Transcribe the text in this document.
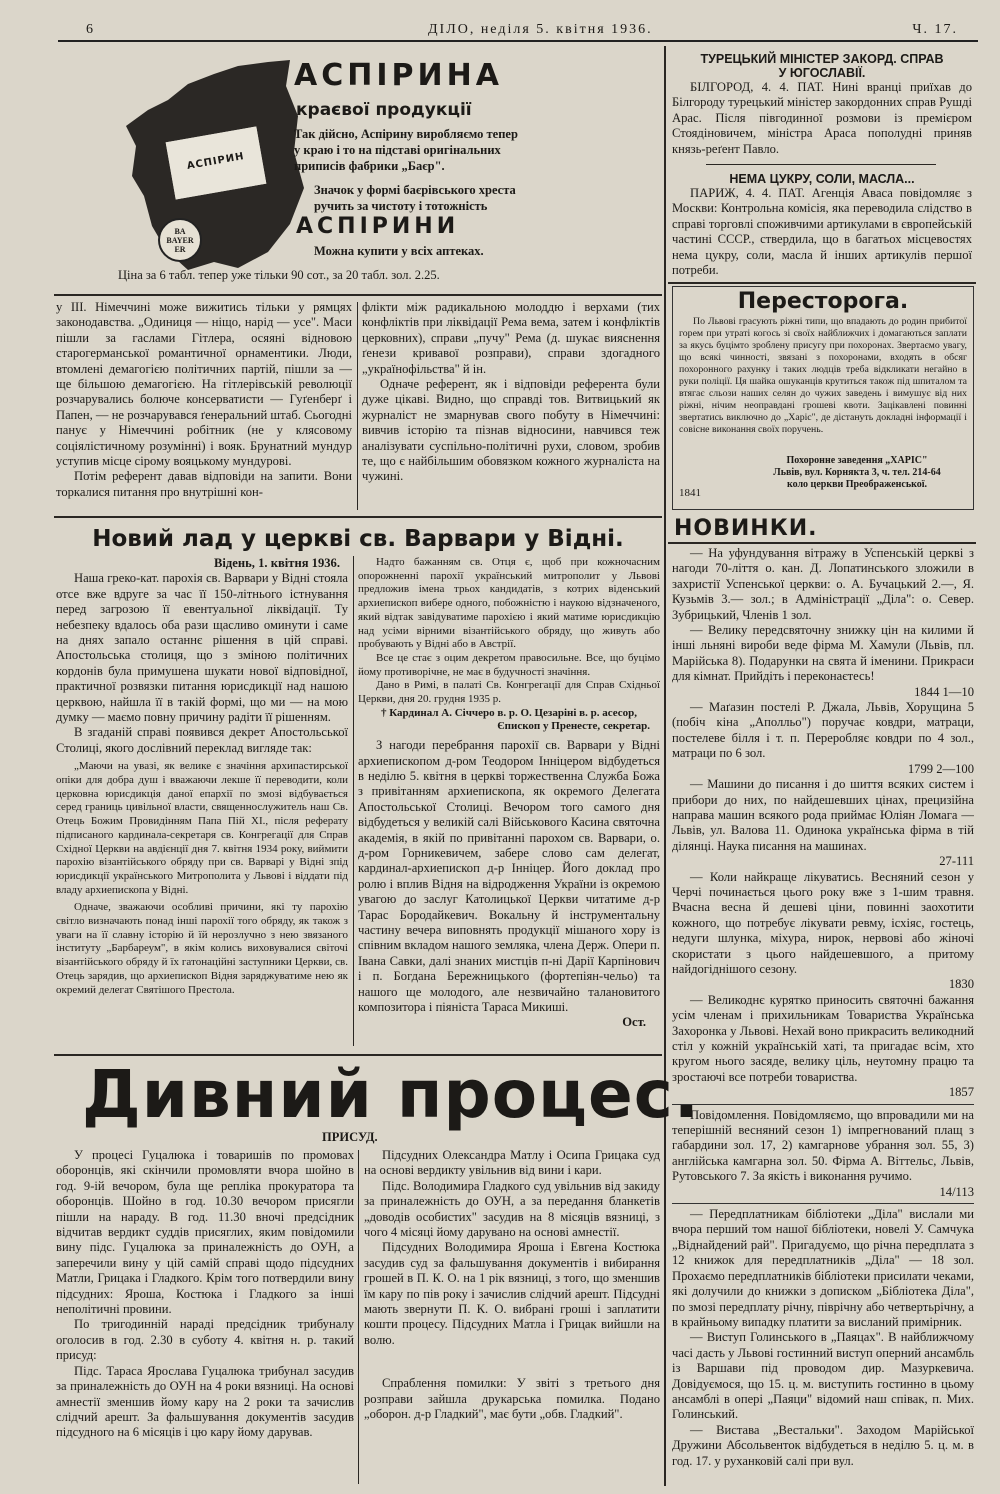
6	ДІЛО, неділя 5. квітня 1936.	Ч. 17.
АСПІРИН
BA
BAYER
ER
АСПІРИНА
краєвої продукції
Так дійсно, Аспірину виробляємо тепер
у краю і то на підставі оригінальних
приписів фабрики „Баєр".
Значок у формі баєрівського хреста
ручить за чистоту і тотожність
АСПІРИНИ
Можна купити у всіх аптеках.
Ціна за 6 табл. тепер уже тільки 90 сот., за 20 табл. зол. 2.25.
у ІІІ. Німеччині може вижитись тільки у рямцях законодавства. „Одиниця — ніщо, нарід — усе". Маси пішли за гаслами Гітлера, осяяні відновою старогерманської романтичної орнаментики. Люди, втомлені демагогією політичних партій, пішли за — ще більшою демагогією. На гітлерівській революції розчарувались болюче консерватисти — Гуґенберґ і Папен, — не розчарувався ґенеральний штаб. Сьогодні панує у Німеччині робітник (не у клясовому соціялістичному розумінні) і вояк. Брунатний мундур уступив місце сірому вояцькому мундурові.

Потім референт давав відповіди на запити. Вони торкалися питання про внутрішні кон-

флікти між радикальною молоддю і верхами (тих конфліктів при ліквідації Рема вема, затем і конфліктів церковних), справи „пучу" Рема (д. шукає вияснення ґенези кривавої розправи), справи здогадного „українофільства" й ін.

Одначе референт, як і відповіди референта були дуже цікаві. Видно, що справді тов. Витвицький як журналіст не змарнував свого побуту в Німеччині: вивчив історію та пізнав відносини, навчився теж аналізувати суспільно-політичні рухи, словом, зробив те, що є найбільшим обовязком кожного журналіста на чужині.

Новий лад у церкві св. Варвари у Відні.
Відень, 1. квітня 1936.

Наша греко-кат. парохія св. Варвари у Відні стояла отсе вже вдруге за час її 150-літнього істнування перед загрозою її евентуальної ліквідації. Ту небезпеку вдалось оба рази щасливо оминути і саме на днях запало останнє рішення в цій справі. Апостольська столиця, що з зміною політичних кордонів була примушена шукати нової відповідної, практичної розвязки питання юрисдикції над нашою церквою, найшла її в такій формі, що ми — на мою думку — маємо повну причину радіти її рішенням.

В згаданій справі появився декрет Апостольської Столиці, якого дослівний переклад вигляде так:

„Маючи на увазі, як велике є значіння архипастирської опіки для добра душ і вважаючи лекше її переводити, коли церковна юрисдикція даної епархії по змозі відбувається серед границь цивільної власти, священнослужитель наш Св. Отець Божим Провидінням Папа Пій ХІ., після реферату підписаного кардинала-секретаря св. Конгрегації для Справ Східної Церкви на авдієнції дня 7. квітня 1934 року, виймити парохію візантійського обряду при св. Варварі у Відні зпід юрисдикції українського Митрополита у Львові і віддати під владу архиепископа у Відні.

Одначе, зважаючи особливі причини, які ту парохію світло визначають понад інші парохії того обряду, як також з уваги на її славну історію й їй нерозлучно з нею звязаного інституту „Барбареум", в якім колись виховувалися світочі візантійського обряду й їх гатонаційні заступники Церкви, св. Отець зарядив, що архиепископ Відня заряджуватиме нею як окремий делегат Святішого Престола.

Надто бажанням св. Отця є, щоб при кожночасним опорожненні парохії український митрополит у Львові предложив імена трьох кандидатів, з котрих віденський архиепископ вибере одного, побожністю і наукою відзначеного, який відтак завідуватиме парохією і який матиме юрисдикцію над усіми вірними візантійського обряду, що живуть або пробувають у Відні або в Австрії.

Все це стає з оцим декретом правосильне. Все, що буцімо йому противорічне, не має в будучності значіння.

Дано в Римі, в палаті Св. Конгрегації для Справ Східньої Церкви, дня 20. грудня 1935 р.

† Кардинал А. Січчеро в. р. О. Цезаріні в. р. асесор,
Єпископ у Пренесте, секретар.

З нагоди перебрання парохії св. Варвари у Відні архиепископом д-ром Теодором Інніцером відбудеться в неділю 5. квітня в церкві торжественна Служба Божа з привітанням архиепископа, як окремого Делегата Апостольської Столиці. Вечором того самого дня відбудеться у великій салі Військового Касина святочна академія, в якій по привітанні парохом св. Варвари, о. д-ром Горникевичем, забере слово сам делегат, кардинал-архиепископ д-р Інніцер. Його доклад про ролю і вплив Відня на відродження України із окремою увагою до заслуг Католицької Церкви читатиме д-р Тарас Бородайкевич. Вокальну й інструментальну частину вечера виповнять продукції мішаного хору із співним вкладом нашого земляка, члена Держ. Опери п. Івана Савки, далі знаних мистців п-ні Дарії Карпінович і п. Богдана Бережницького (фортепіян-чельо) та нашого ще молодого, але незвичайно талановитого композитора і піяніста Тараса Микиші.

Ост.
Дивний процес.
ПРИСУД.

У процесі Гуцалюка і товаришів по промовах оборонців, які скінчили промовляти вчора шойно в год. 9-ій вечором, була ще репліка прокуратора та оборонців. Шойно в год. 10.30 вечором присягли пішли на нараду. В год. 11.30 вночі предсідник відчитав вердикт суддів присяглих, яким повідомили вину підс. Гуцалюка за приналежність до ОУН, а заперечили вину у цій самій справі щодо підсудних Матли, Грицака і Гладкого. Крім того потвердили вину підсудних: Яроша, Костюка і Гладкого за інші неполітичні провини.

По тригодинній нараді предсідник трибуналу оголосив в год. 2.30 в суботу 4. квітня н. р. такий присуд:

Підс. Тараса Ярослава Гуцалюка трибунал засудив за приналежність до ОУН на 4 роки вязниці. На основі амнестії зменшив йому кару на 2 роки та зачислив слідчий арешт. За фальшування документів засудив підсудного на 6 місяців і цю кару йому дарував.

Підсудних Олександра Матлу і Осипа Грицака суд на основі вердикту увільнив від вини і кари.

Підс. Володимира Гладкого суд увільнив від закиду за приналежність до ОУН, а за передання бланкетів „доводів особистих" засудив на 8 місяців вязниці, з чого 4 місяці йому дарувано на основі амнестії.

Підсудних Володимира Яроша і Евгена Костюка засудив суд за фальшування документів і вибирання грошей в П. К. О. на 1 рік вязниці, з того, що зменшив їм кару по пів року і зачислив слідчий арешт. Підсудні мають звернути П. К. О. вибрані гроші і заплатити кошти процесу. Підсудних Матла і Грицак вийшли на волю.

Спраблення помилки: У звіті з третього дня розправи зайшла друкарська помилка. Подано „оборон. д-р Гладкий", має бути „обв. Гладкий".

ТУРЕЦЬКИЙ МІНІСТЕР ЗАКОРД. СПРАВ
У ЮГОСЛАВІЇ.

БІЛГОРОД, 4. 4. ПАТ. Нині вранці приїхав до Білгороду турецький міністер закордонних справ Рушді Арас. Після півгодинної розмови із премієром Стоядіновичем, міністра Араса пополудні приняв князь-реґент Павло.

НЕМА ЦУКРУ, СОЛИ, МАСЛА...

ПАРИЖ, 4. 4. ПАТ. Агенція Аваса повідомляє з Москви: Контрольна комісія, яка переводила слідство в справі торговлі споживчими артикулами в європейській частині СССР., ствердила, що в багатьох місцевостях нема цукру, соли, масла й інших артикулів першої потреби.

Пересторога.

По Львові грасують ріжні типи, що впадають до родин прибитої горем при утраті когось зі своїх найближчих і домагаються заплати за якусь буцімто зроблену присугу при похоронах. Звертаємо увагу, що всякі чинності, звязані з похоронами, входять в обсяг похоронного рахунку і таких людців треба відкликати негайно в руки поліції. Ця шайка ошуканців крутиться також під шпиталом та втягає сльози наших селян до чужих заведень і вимушує від них ріжні, нічим неоправдані грошеві квоти. Зацікавлені повинні звертатись виключно до „Харіс", де дістануть докладні інформації і совісне виконання своїх поручень.

1841
Похоронне заведення „ХАРІС"
Львів, вул. Корнякта 3, ч. тел. 214-64
коло церкви Преображенської.
НОВИНКИ.

— На уфундування вітражу в Успенській церкві з нагоди 70-ліття о. кан. Д. Лопатинського зложили в захристії Успенської церкви: о. А. Бучацький 2.—, Я. Кузьмів 3.— зол.; в Адміністрації „Діла": о. Север. Зубрицький, Членів 1 зол.

— Велику передсвяточну знижку цін на килими й інші льняні вироби веде фірма М. Хамули (Львів, пл. Марійська 8). Подарунки на свята й іменини. Прикраси для кімнат. Прийдіть і переконаєтесь!

1844 1—10

— Маґазин постелі Р. Джала, Львів, Хорущина 5 (побіч кіна „Аполльо") поручає ковдри, матраци, постелеве білля і т. п. Переробляє ковдри по 4 зол., матраци по 6 зол.

1799 2—100

— Машини до писання і до шиття всяких систем і прибори до них, по найдешевших цінах, прецизійна направа машин всякого рода приймає Юліян Ломага — Львів, ул. Валова 11. Одинока українська фірма в тій ділянці. Наука писання на машинах.

27-111

— Коли найкраще лікуватись. Весняний сезон у Черчі починається цього року вже з 1-шим травня. Вчасна весна й дешеві ціни, повинні заохотити кожного, що потребує лікувати ревму, ісхіяс, гостець, недуги шлунка, міхура, нирок, нервові або жіночі скористати з цього найдешевшого, а притому найдогіднішого сезону.

1830

— Великоднє курятко приносить святочні бажання усім членам і прихильникам Товариства Українська Захоронка у Львові. Нехай воно прикрасить великодний стіл у кожній українській хаті, та пригадає всім, хто кругом нього засяде, велику ціль, неутомну працю та зростаючі все потреби товариства.

1857

Повідомлення. Повідомляємо, що впровадили ми на теперішній весняний сезон 1) імпрегнований плащ з габардини зол. 17, 2) камгарнове убрання зол. 55, 3) англійська камгарна зол. 50. Фірма А. Віттельс, Львів, Рутовського 7. За якість і виконання ручимо.

14/113

— Передплатникам бібліотеки „Діла" вислали ми вчора перший том нашої бібліотеки, новелі У. Самчука „Віднайдений рай". Пригадуємо, що річна передплата з 12 книжок для передплатників „Діла" — 18 зол. Прохаємо передплатників бібліотеки присилати чеками, які долучили до книжки з дописком „Бібліотека Діла", по змозі передплату річну, піврічну або четвертьрічну, а в крайньому випадку платити за висланий примірник.

— Виступ Голинського в „Паяцах". В найближчому часі дасть у Львові гостинний виступ оперний ансамбль із Варшави під проводом дир. Мазуркевича. Довідуємося, що 15. ц. м. виступить гостинно в цьому ансамблі в опері „Паяци" відомий наш співак, п. Мих. Голинський.

— Вистава „Вестальки". Заходом Марійської Дружини Абсольвенток відбудеться в неділю 5. ц. м. в год. 17. у руханковій салі при вул.
